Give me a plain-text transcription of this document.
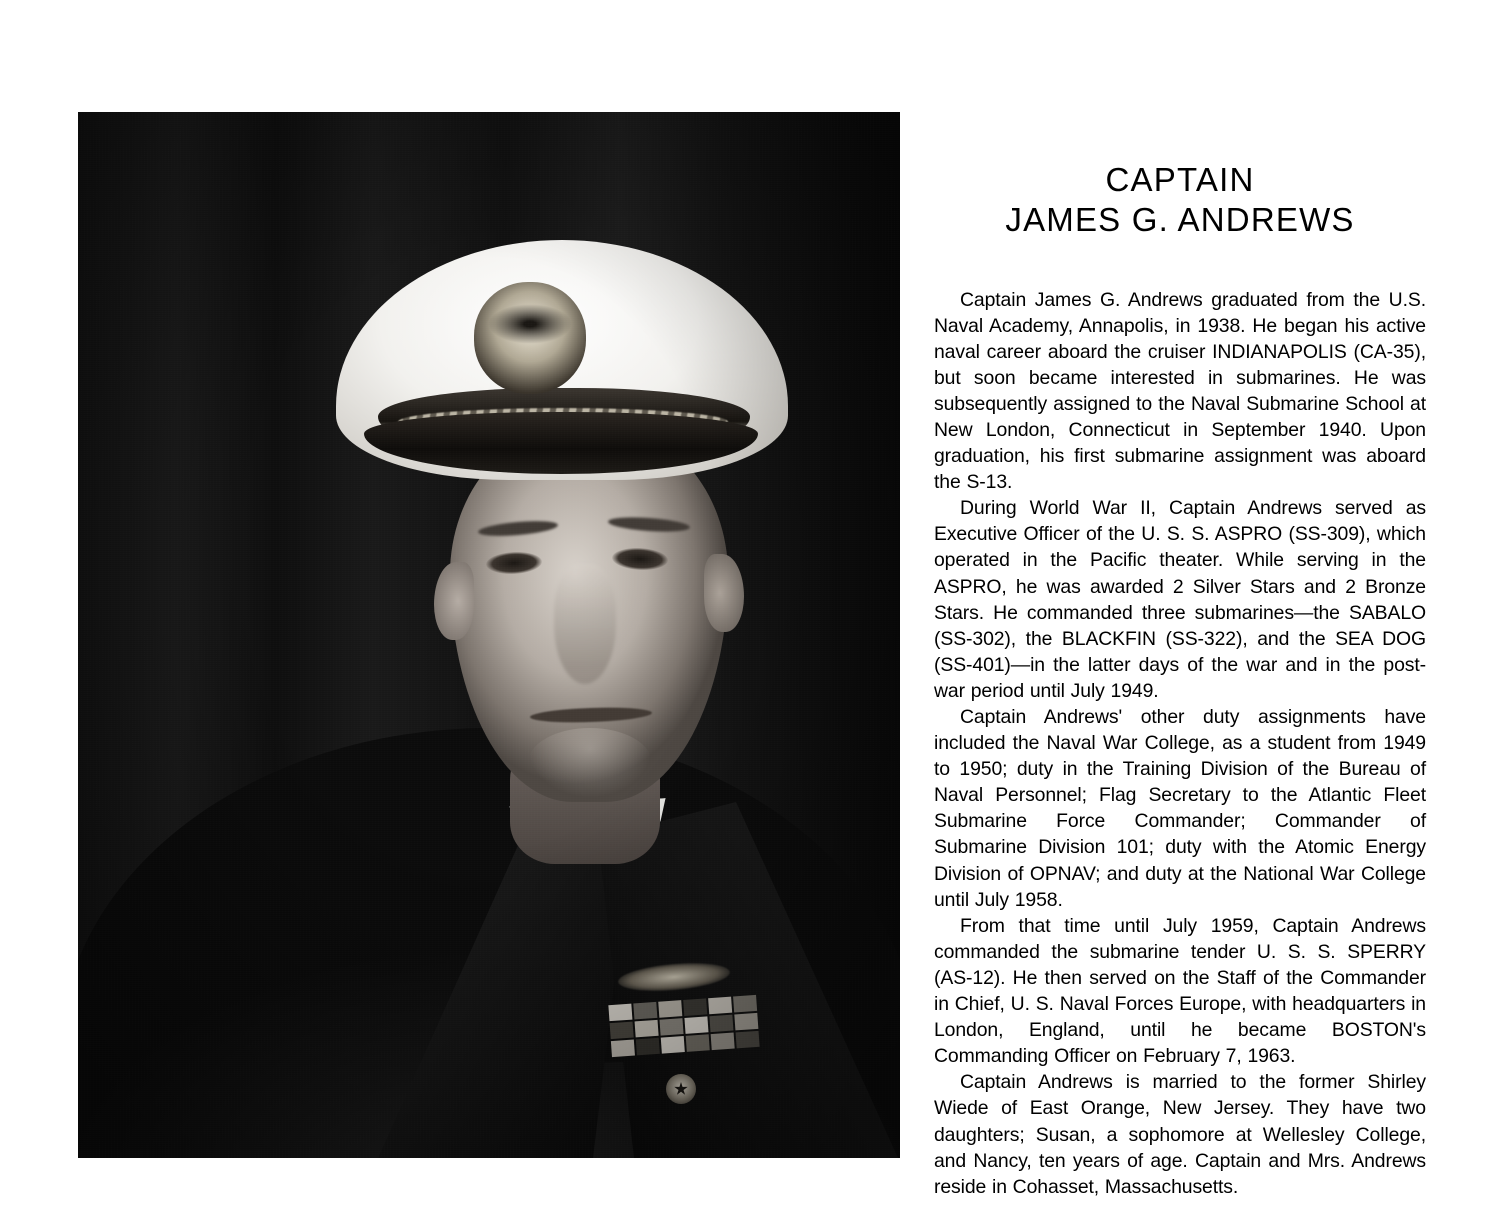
CAPTAIN
JAMES G. ANDREWS

Captain James G. Andrews graduated from the U.S. Naval Academy, Annapolis, in 1938. He began his active naval career aboard the cruiser INDIANAPOLIS (CA-35), but soon became interested in submarines. He was subsequently assigned to the Naval Submarine School at New London, Connecticut in September 1940. Upon graduation, his first submarine assignment was aboard the S-13.

During World War II, Captain Andrews served as Executive Officer of the U. S. S. ASPRO (SS-309), which operated in the Pacific theater. While serving in the ASPRO, he was awarded 2 Silver Stars and 2 Bronze Stars. He commanded three submarines—the SABALO (SS-302), the BLACKFIN (SS-322), and the SEA DOG (SS-401)—in the latter days of the war and in the post-war period until July 1949.

Captain Andrews' other duty assignments have included the Naval War College, as a student from 1949 to 1950; duty in the Training Division of the Bureau of Naval Personnel; Flag Secretary to the Atlantic Fleet Submarine Force Commander; Commander of Submarine Division 101; duty with the Atomic Energy Division of OPNAV; and duty at the National War College until July 1958.

From that time until July 1959, Captain Andrews commanded the submarine tender U. S. S. SPERRY (AS-12). He then served on the Staff of the Commander in Chief, U. S. Naval Forces Europe, with headquarters in London, England, until he became BOSTON's Commanding Officer on February 7, 1963.

Captain Andrews is married to the former Shirley Wiede of East Orange, New Jersey. They have two daughters; Susan, a sophomore at Wellesley College, and Nancy, ten years of age. Captain and Mrs. Andrews reside in Cohasset, Massachusetts.
